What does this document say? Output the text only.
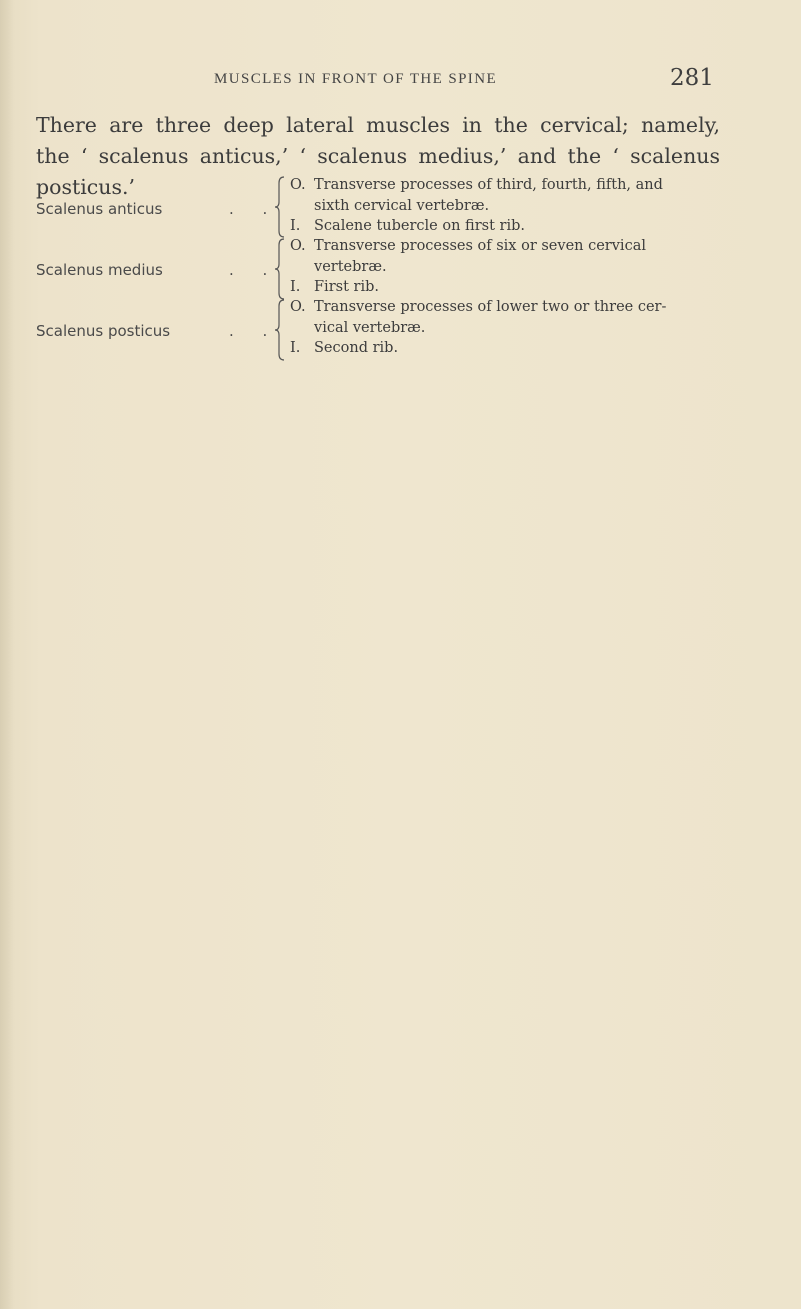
MUSCLES IN FRONT OF THE SPINE	281
There are three deep lateral muscles in the cervical; namely,
the ‘ scalenus anticus,’ ‘ scalenus medius,’ and the ‘ scalenus
posticus.’
Scalenus anticus	. .
O. Transverse processes of third, fourth, fifth, and
sixth cervical vertebræ.
I. Scalene tubercle on first rib.
Scalenus medius	. .
O. Transverse processes of six or seven cervical
vertebræ.
I. First rib.
Scalenus posticus	. .
O. Transverse processes of lower two or three cer-
vical vertebræ.
I. Second rib.
